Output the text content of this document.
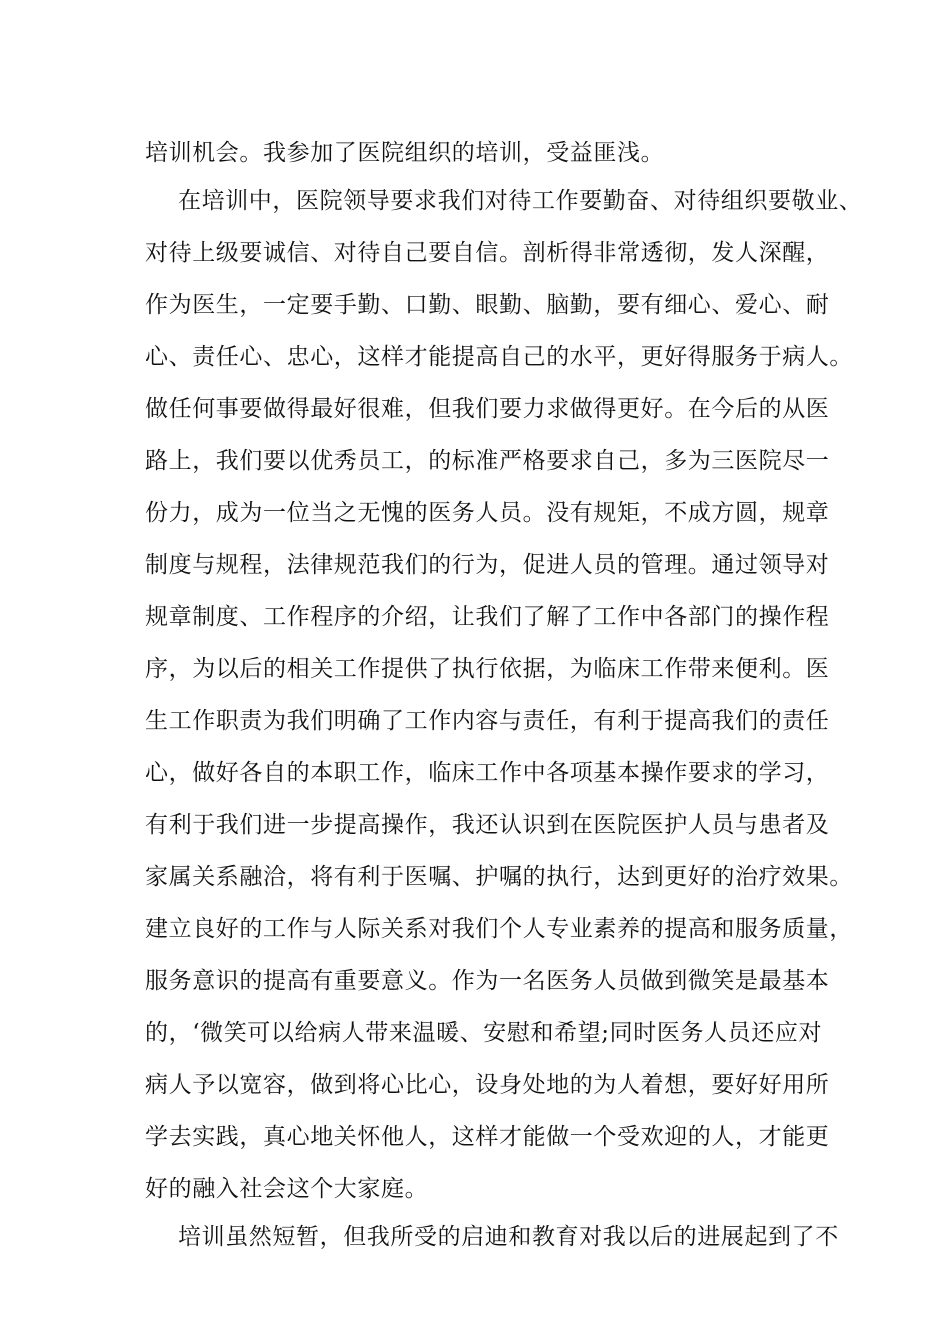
培训机会。我参加了医院组织的培训，受益匪浅。
在培训中，医院领导要求我们对待工作要勤奋、对待组织要敬业、
对待上级要诚信、对待自己要自信。剖析得非常透彻，发人深醒，
作为医生，一定要手勤、口勤、眼勤、脑勤，要有细心、爱心、耐
心、责任心、忠心，这样才能提高自己的水平，更好得服务于病人。
做任何事要做得最好很难，但我们要力求做得更好。在今后的从医
路上，我们要以优秀员工，的标准严格要求自己，多为三医院尽一
份力，成为一位当之无愧的医务人员。没有规矩，不成方圆，规章
制度与规程，法律规范我们的行为，促进人员的管理。通过领导对
规章制度、工作程序的介绍，让我们了解了工作中各部门的操作程
序，为以后的相关工作提供了执行依据，为临床工作带来便利。医
生工作职责为我们明确了工作内容与责任，有利于提高我们的责任
心，做好各自的本职工作，临床工作中各项基本操作要求的学习，
有利于我们进一步提高操作，我还认识到在医院医护人员与患者及
家属关系融洽，将有利于医嘱、护嘱的执行，达到更好的治疗效果。
建立良好的工作与人际关系对我们个人专业素养的提高和服务质量，
服务意识的提高有重要意义。作为一名医务人员做到微笑是最基本
的，‘微笑可以给病人带来温暖、安慰和希望;同时医务人员还应对
病人予以宽容，做到将心比心，设身处地的为人着想，要好好用所
学去实践，真心地关怀他人，这样才能做一个受欢迎的人，才能更
好的融入社会这个大家庭。
培训虽然短暂，但我所受的启迪和教育对我以后的进展起到了不
